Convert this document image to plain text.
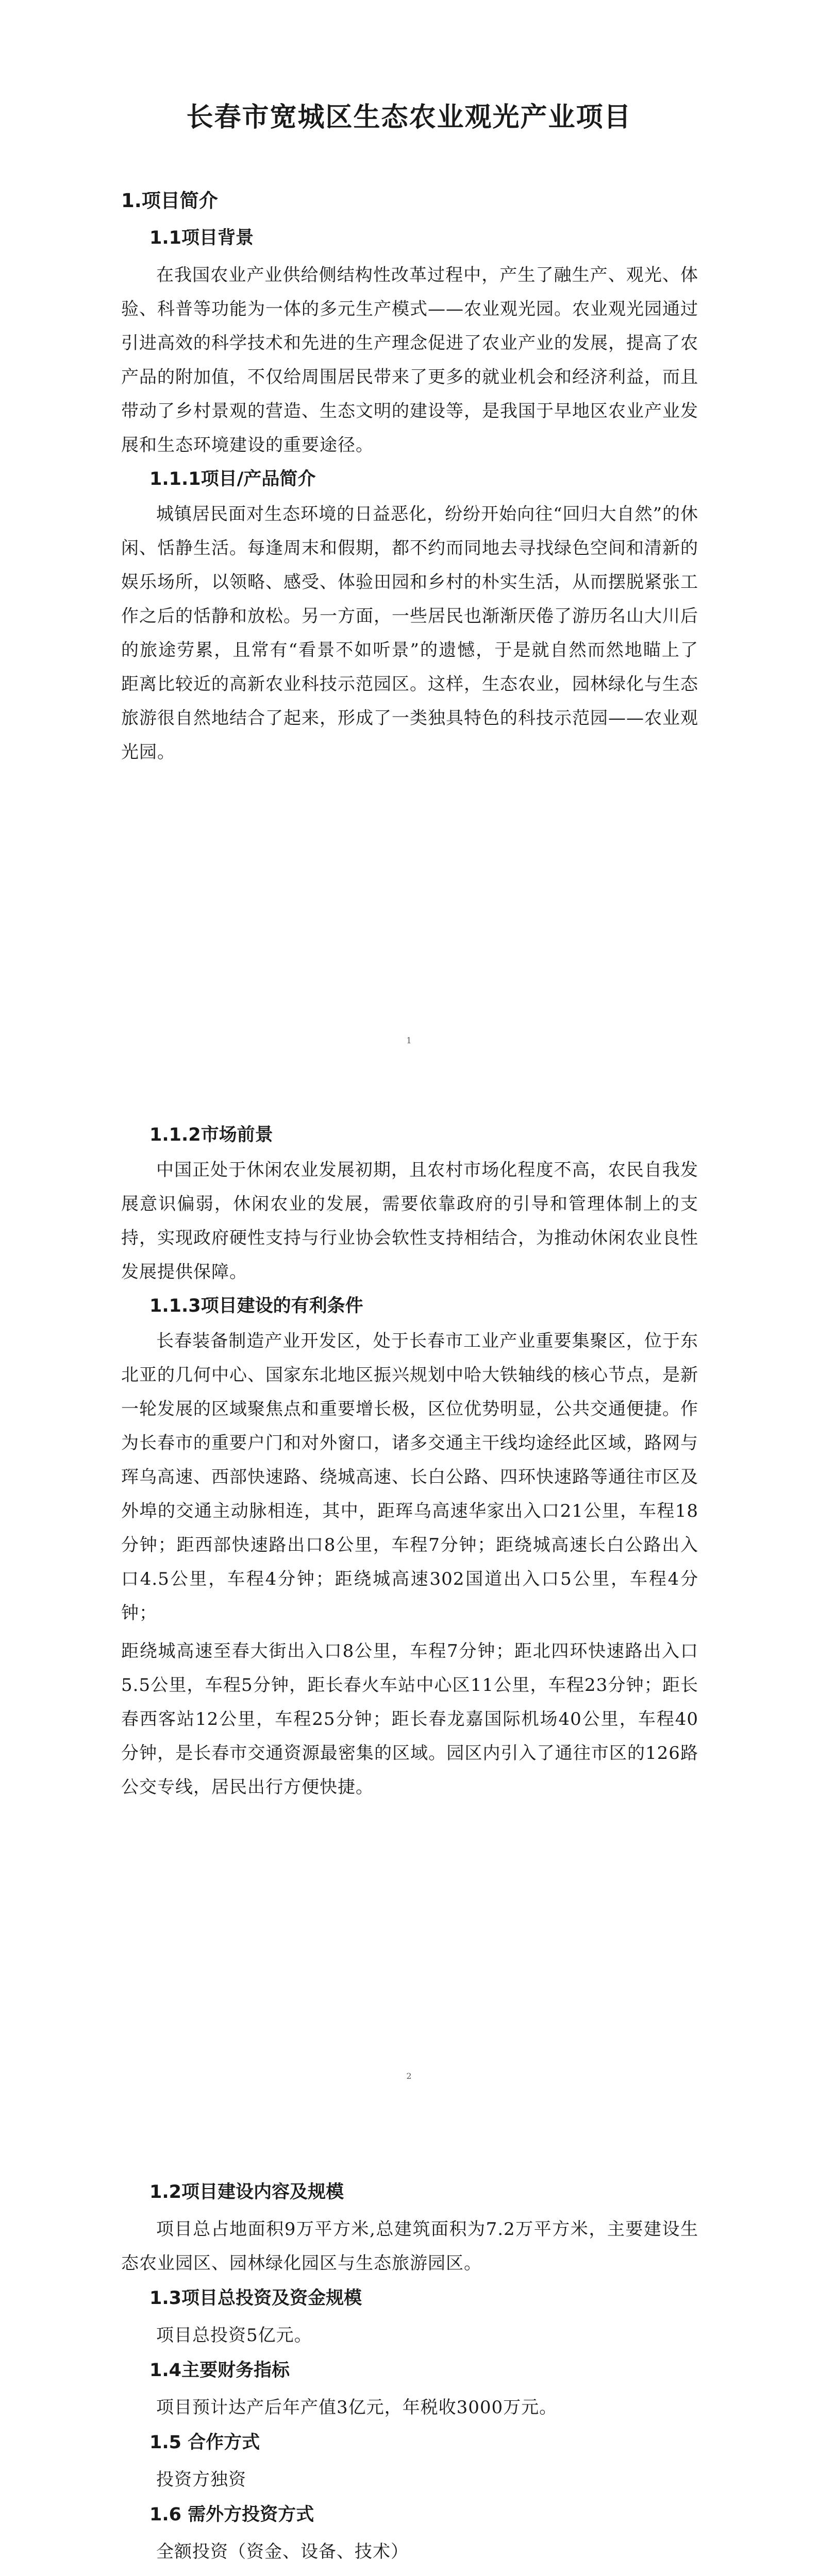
长春市宽城区生态农业观光产业项目
1.项目简介
1.1项目背景

在我国农业产业供给侧结构性改革过程中，产生了融生产、观光、体验、科普等功能为一体的多元生产模式——农业观光园。农业观光园通过引进高效的科学技术和先进的生产理念促进了农业产业的发展，提高了农产品的附加值，不仅给周围居民带来了更多的就业机会和经济利益，而且带动了乡村景观的营造、生态文明的建设等，是我国于早地区农业产业发展和生态环境建设的重要途径。

1.1.1项目/产品简介

城镇居民面对生态环境的日益恶化，纷纷开始向往“回归大自然”的休闲、恬静生活。每逢周末和假期，都不约而同地去寻找绿色空间和清新的娱乐场所，以领略、感受、体验田园和乡村的朴实生活，从而摆脱紧张工作之后的恬静和放松。另一方面，一些居民也渐渐厌倦了游历名山大川后的旅途劳累，且常有“看景不如听景”的遗憾，于是就自然而然地瞄上了距离比较近的高新农业科技示范园区。这样，生态农业，园林绿化与生态旅游很自然地结合了起来，形成了一类独具特色的科技示范园——农业观光园。

1
1.1.2市场前景

中国正处于休闲农业发展初期，且农村市场化程度不高，农民自我发展意识偏弱，休闲农业的发展，需要依靠政府的引导和管理体制上的支持，实现政府硬性支持与行业协会软性支持相结合，为推动休闲农业良性发展提供保障。

1.1.3项目建设的有利条件

长春装备制造产业开发区，处于长春市工业产业重要集聚区，位于东北亚的几何中心、国家东北地区振兴规划中哈大铁轴线的核心节点，是新一轮发展的区域聚焦点和重要增长极，区位优势明显，公共交通便捷。作为长春市的重要户门和对外窗口，诸多交通主干线均途经此区域，路网与珲乌高速、西部快速路、绕城高速、长白公路、四环快速路等通往市区及外埠的交通主动脉相连，其中，距珲乌高速华家出入口21公里，车程18分钟；距西部快速路出口8公里，车程7分钟；距绕城高速长白公路出入口4.5公里，车程4分钟；距绕城高速302国道出入口5公里，车程4分钟；

距绕城高速至春大街出入口8公里，车程7分钟；距北四环快速路出入口5.5公里，车程5分钟，距长春火车站中心区11公里，车程23分钟；距长春西客站12公里，车程25分钟；距长春龙嘉国际机场40公里，车程40分钟，是长春市交通资源最密集的区域。园区内引入了通往市区的126路公交专线，居民出行方便快捷。

2
1.2项目建设内容及规模

项目总占地面积9万平方米,总建筑面积为7.2万平方米，主要建设生态农业园区、园林绿化园区与生态旅游园区。

1.3项目总投资及资金规模

项目总投资5亿元。

1.4主要财务指标

项目预计达产后年产值3亿元，年税收3000万元。

1.5 合作方式

投资方独资

1.6 需外方投资方式

全额投资（资金、设备、技术）
